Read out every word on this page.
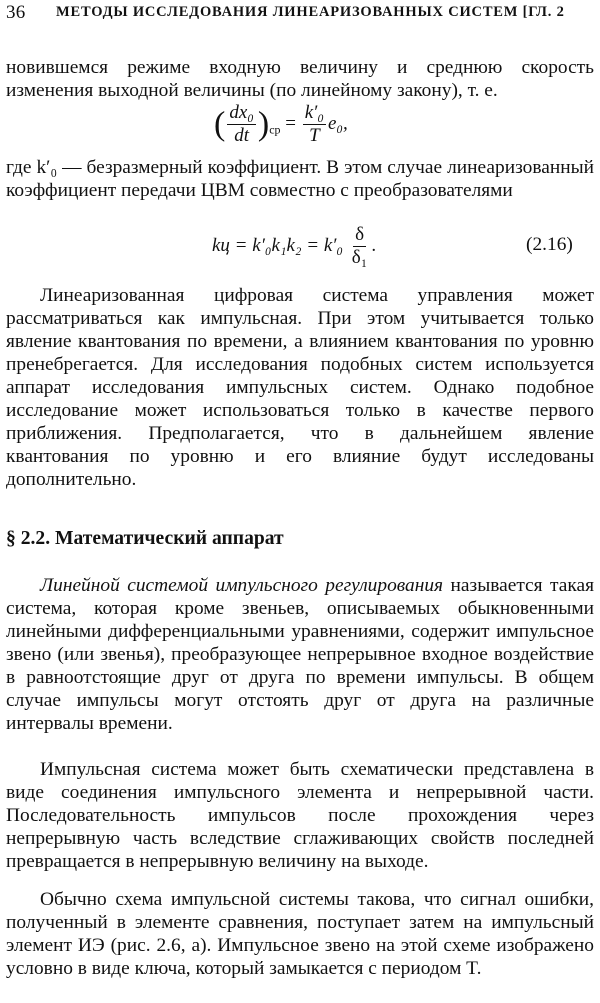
36 МЕТОДЫ ИССЛЕДОВАНИЯ ЛИНЕАРИЗОВАННЫХ СИСТЕМ [ГЛ. 2

новившемся режиме входную величину и среднюю скорость изменения выходной величины (по линейному закону), т. е.

( $\frac{\text{dx₀}}{dt} )_{ср} = \frac{\text{k′₀}}{T} e_0$,

где k′₀ — безразмерный коэффициент. В этом случае линеаризованный коэффициент передачи ЦВМ совместно с преобразователями

kц = $k'_0k_1k_2 = k'_0 \frac{\delta}{\text{δ₁}}$ .	(2.16)

Линеаризованная цифровая система управления может рассматриваться как импульсная. При этом учитывается только явление квантования по времени, а влиянием квантования по уровню пренебрегается. Для исследования подобных систем используется аппарат исследования импульсных систем. Однако подобное исследование может использоваться только в качестве первого приближения. Предполагается, что в дальнейшем явление квантования по уровню и его влияние будут исследованы дополнительно.

§ 2.2. Математический аппарат

Линейной системой импульсного регулирования называется такая система, которая кроме звеньев, описываемых обыкновенными линейными дифференциальными уравнениями, содержит импульсное звено (или звенья), преобразующее непрерывное входное воздействие в равноотстоящие друг от друга по времени импульсы. В общем случае импульсы могут отстоять друг от друга на различные интервалы времени.

Импульсная система может быть схематически представлена в виде соединения импульсного элемента и непрерывной части. Последовательность импульсов после прохождения через непрерывную часть вследствие сглаживающих свойств последней превращается в непрерывную величину на выходе.

Обычно схема импульсной системы такова, что сигнал ошибки, полученный в элементе сравнения, поступает затем на импульсный элемент ИЭ (рис. 2.6, а). Импульсное звено на этой схеме изображено условно в виде ключа, который замыкается с периодом T.
